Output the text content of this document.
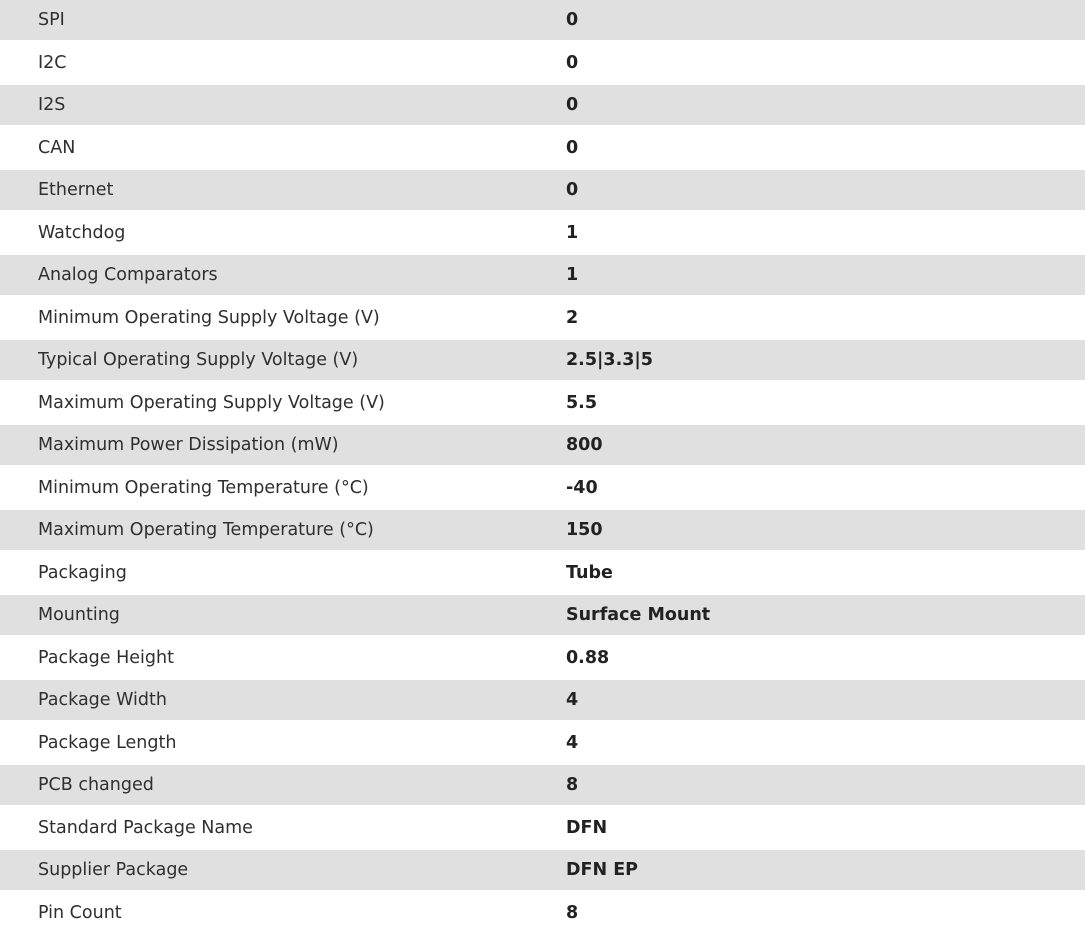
SPI	0
I2C	0
I2S	0
CAN	0
Ethernet	0
Watchdog	1
Analog Comparators	1
Minimum Operating Supply Voltage (V)	2
Typical Operating Supply Voltage (V)	2.5|3.3|5
Maximum Operating Supply Voltage (V)	5.5
Maximum Power Dissipation (mW)	800
Minimum Operating Temperature (°C)	-40
Maximum Operating Temperature (°C)	150
Packaging	Tube
Mounting	Surface Mount
Package Height	0.88
Package Width	4
Package Length	4
PCB changed	8
Standard Package Name	DFN
Supplier Package	DFN EP
Pin Count	8
